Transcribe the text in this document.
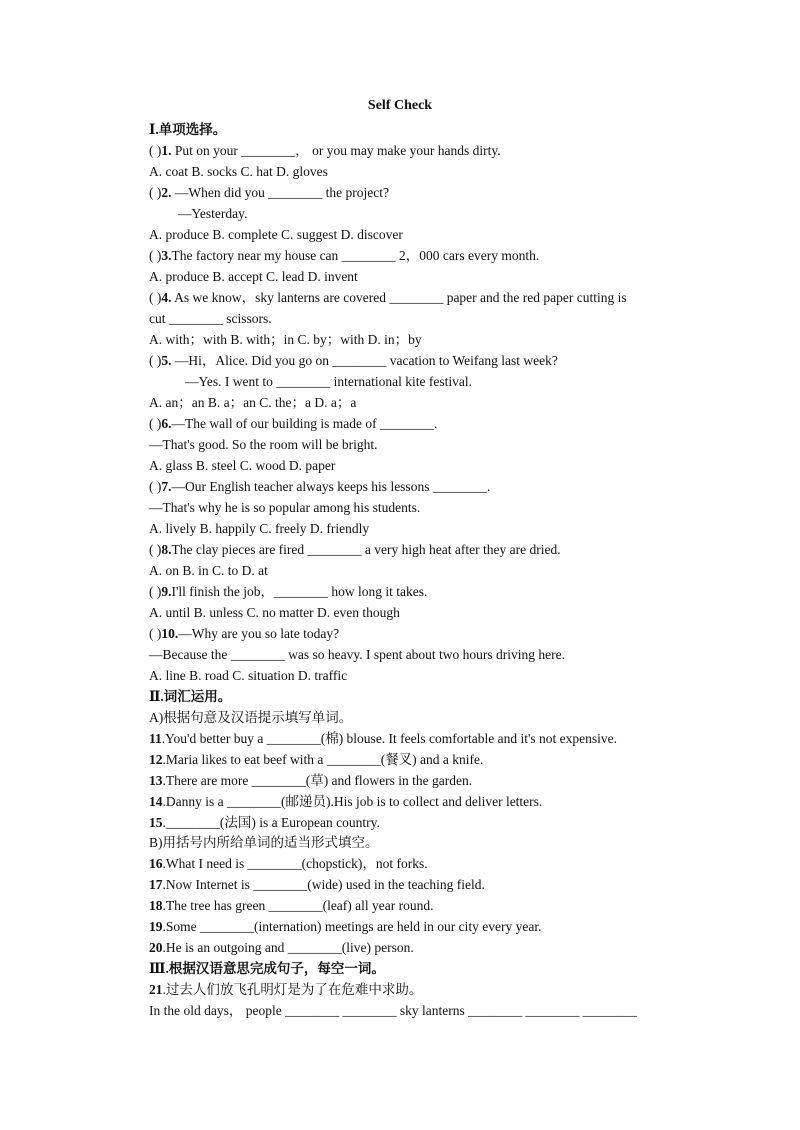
Self Check
Ⅰ.单项选择。
( )1. Put on your ________， or you may make your hands dirty.
A. coat B. socks C. hat D. gloves
( )2. —When did you ________ the project?
—Yesterday.
A. produce B. complete C. suggest D. discover
( )3.The factory near my house can ________ 2，000 cars every month.
A. produce B. accept C. lead D. invent
( )4. As we know，sky lanterns are covered ________ paper and the red paper cutting is
cut ________ scissors.
A. with；with B. with；in C. by；with D. in；by
( )5. —Hi，Alice. Did you go on ________ vacation to Weifang last week?
—Yes. I went to ________ international kite festival.
A. an；an B. a；an C. the；a D. a；a
( )6.—The wall of our building is made of ________.
—That's good. So the room will be bright.
A. glass B. steel C. wood D. paper
( )7.—Our English teacher always keeps his lessons ________.
—That's why he is so popular among his students.
A. lively B. happily C. freely D. friendly
( )8.The clay pieces are fired ________ a very high heat after they are dried.
A. on B. in C. to D. at
( )9.I'll finish the job，________ how long it takes.
A. until B. unless C. no matter D. even though
( )10.—Why are you so late today?
—Because the ________ was so heavy. I spent about two hours driving here.
A. line B. road C. situation D. traffic
Ⅱ.词汇运用。
A)根据句意及汉语提示填写单词。
11.You'd better buy a ________(棉) blouse. It feels comfortable and it's not expensive.
12.Maria likes to eat beef with a ________(餐叉) and a knife.
13.There are more ________(草) and flowers in the garden.
14.Danny is a ________(邮递员).His job is to collect and deliver letters.
15.________(法国) is a European country.
B)用括号内所给单词的适当形式填空。
16.What I need is ________(chopstick)，not forks.
17.Now Internet is ________(wide) used in the teaching field.
18.The tree has green ________(leaf) all year round.
19.Some ________(internation) meetings are held in our city every year.
20.He is an outgoing and ________(live) person.
Ⅲ.根据汉语意思完成句子，每空一词。
21.过去人们放飞孔明灯是为了在危难中求助。
In the old days， people ________ ________ sky lanterns ________ ________ ________
